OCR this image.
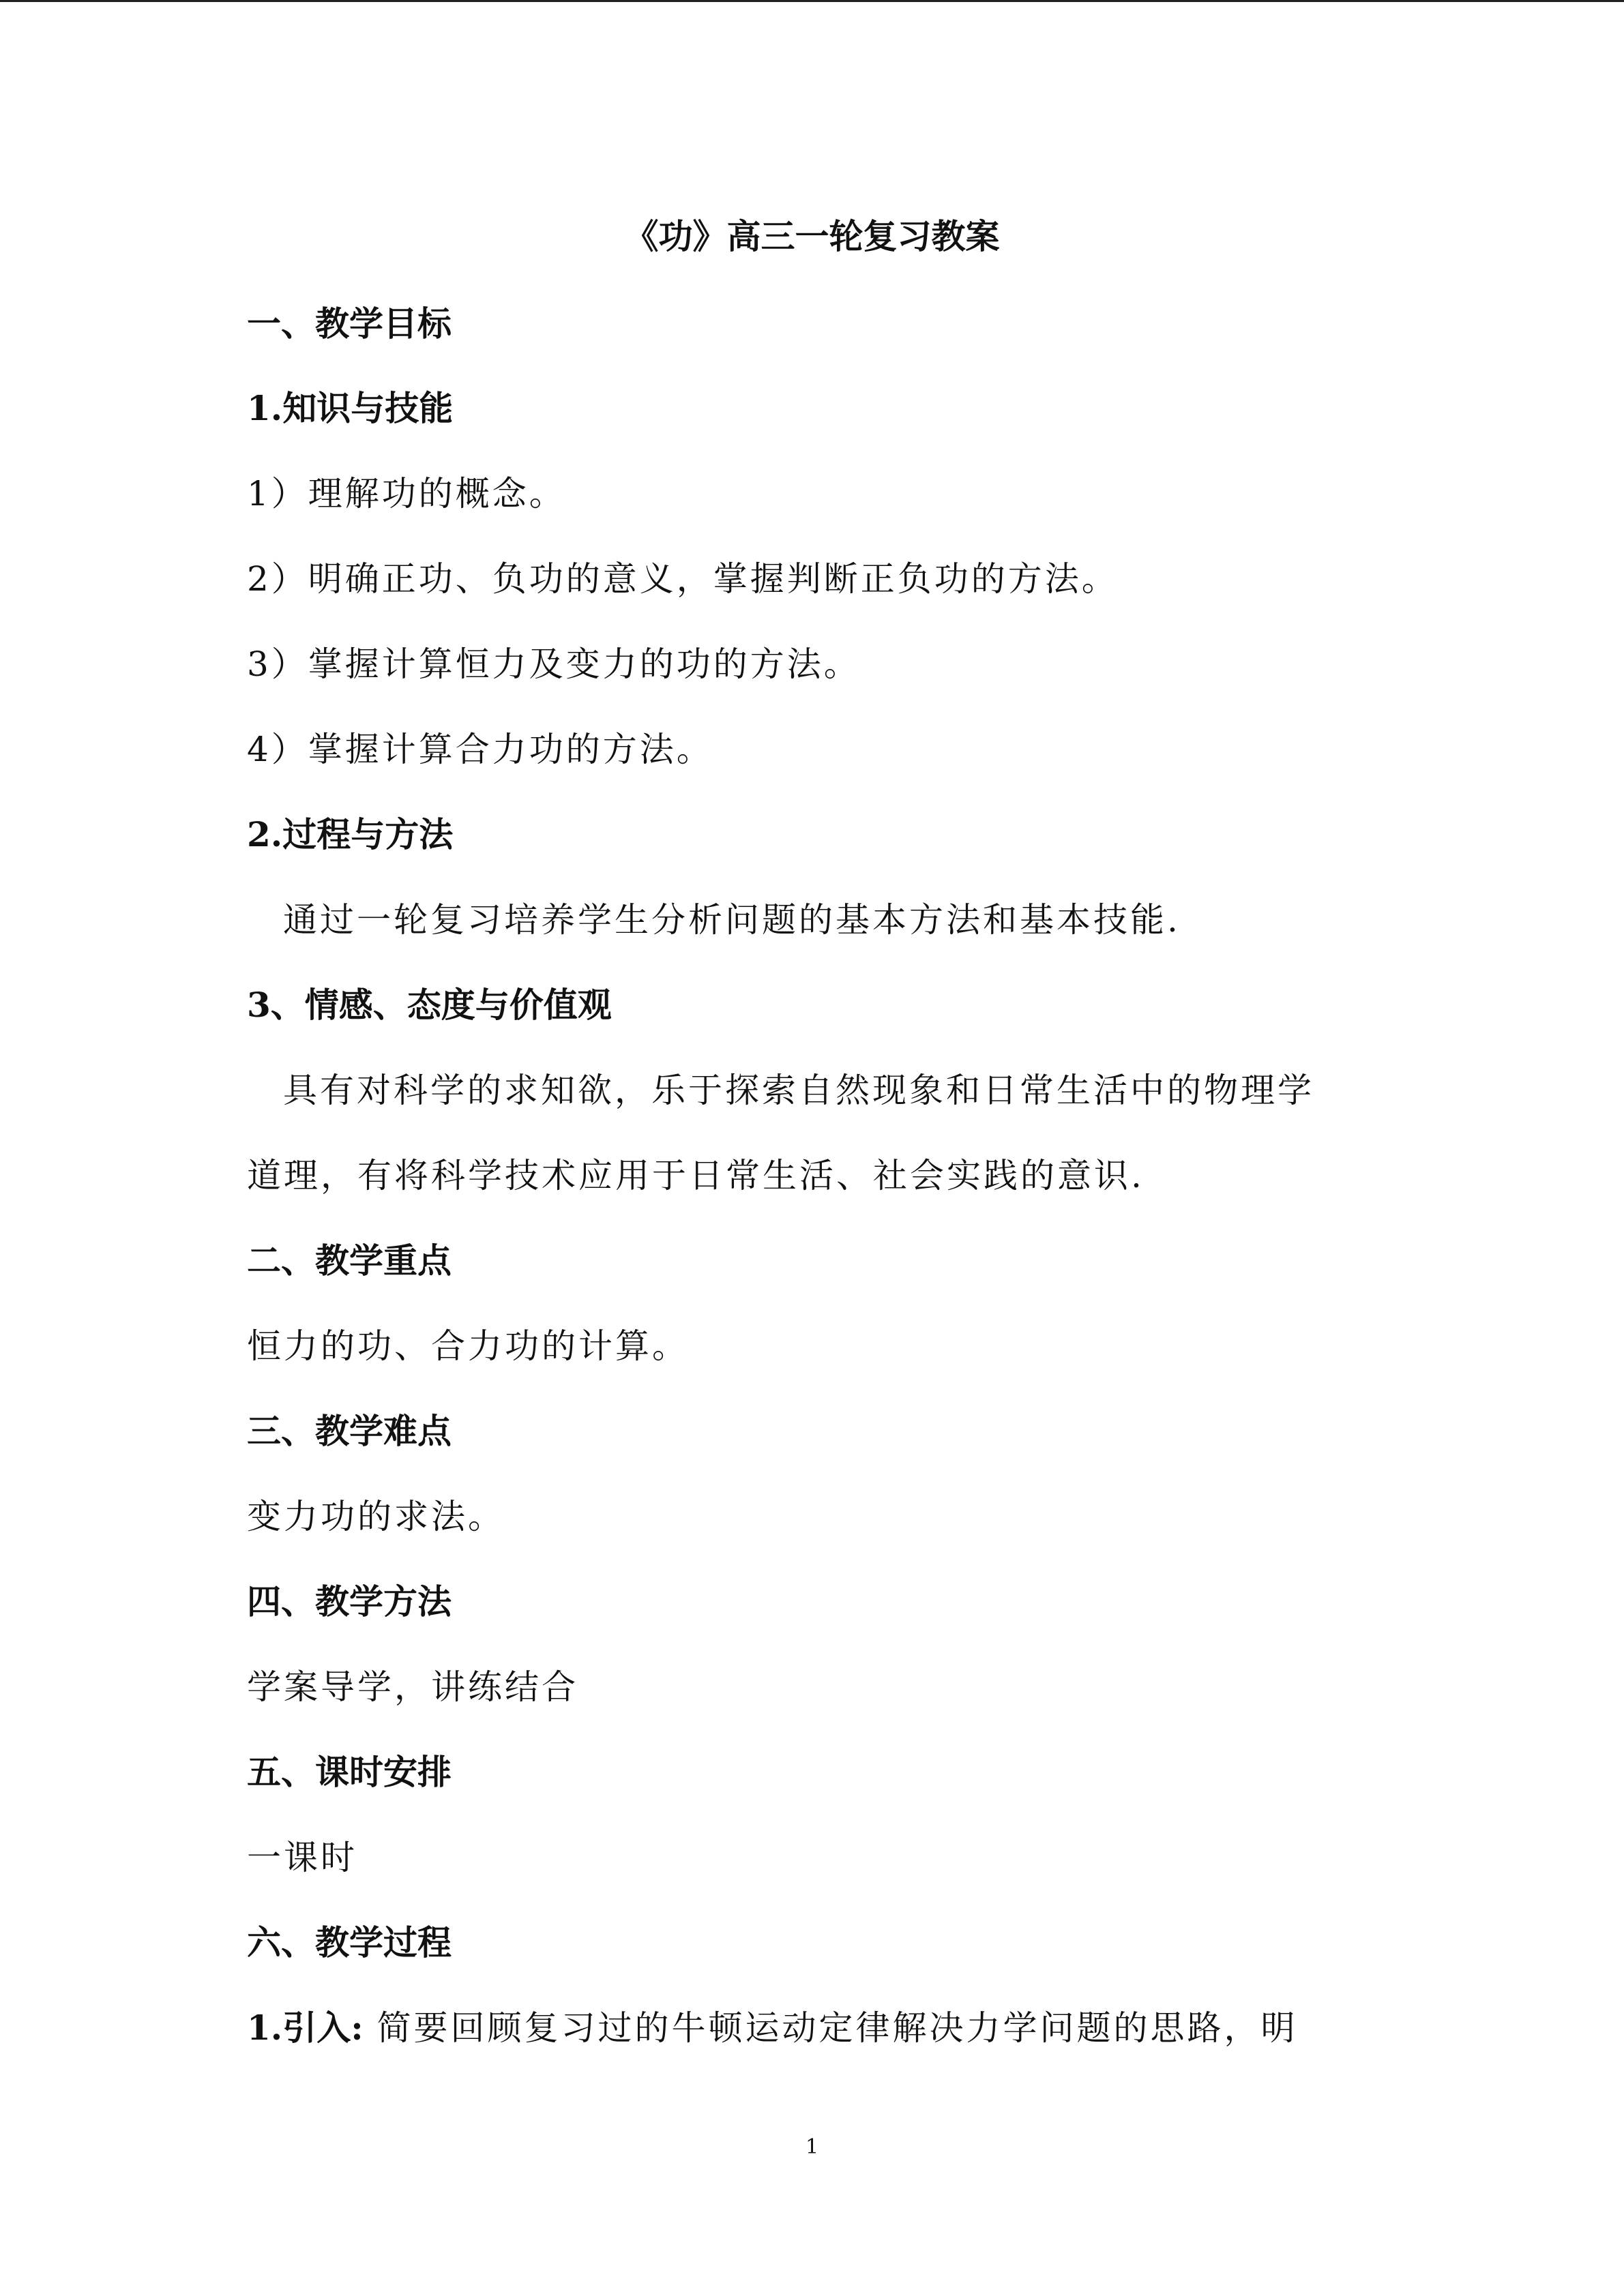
《功》高三一轮复习教案
一、教学目标
1.知识与技能
1）理解功的概念。
2）明确正功、负功的意义，掌握判断正负功的方法。
3）掌握计算恒力及变力的功的方法。
4）掌握计算合力功的方法。
2.过程与方法
通过一轮复习培养学生分析问题的基本方法和基本技能.
3、情感、态度与价值观
具有对科学的求知欲，乐于探索自然现象和日常生活中的物理学
道理，有将科学技术应用于日常生活、社会实践的意识.
二、教学重点
恒力的功、合力功的计算。
三、教学难点
变力功的求法。
四、教学方法
学案导学，讲练结合
五、课时安排
一课时
六、教学过程
1.引入: 简要回顾复习过的牛顿运动定律解决力学问题的思路，明
1
